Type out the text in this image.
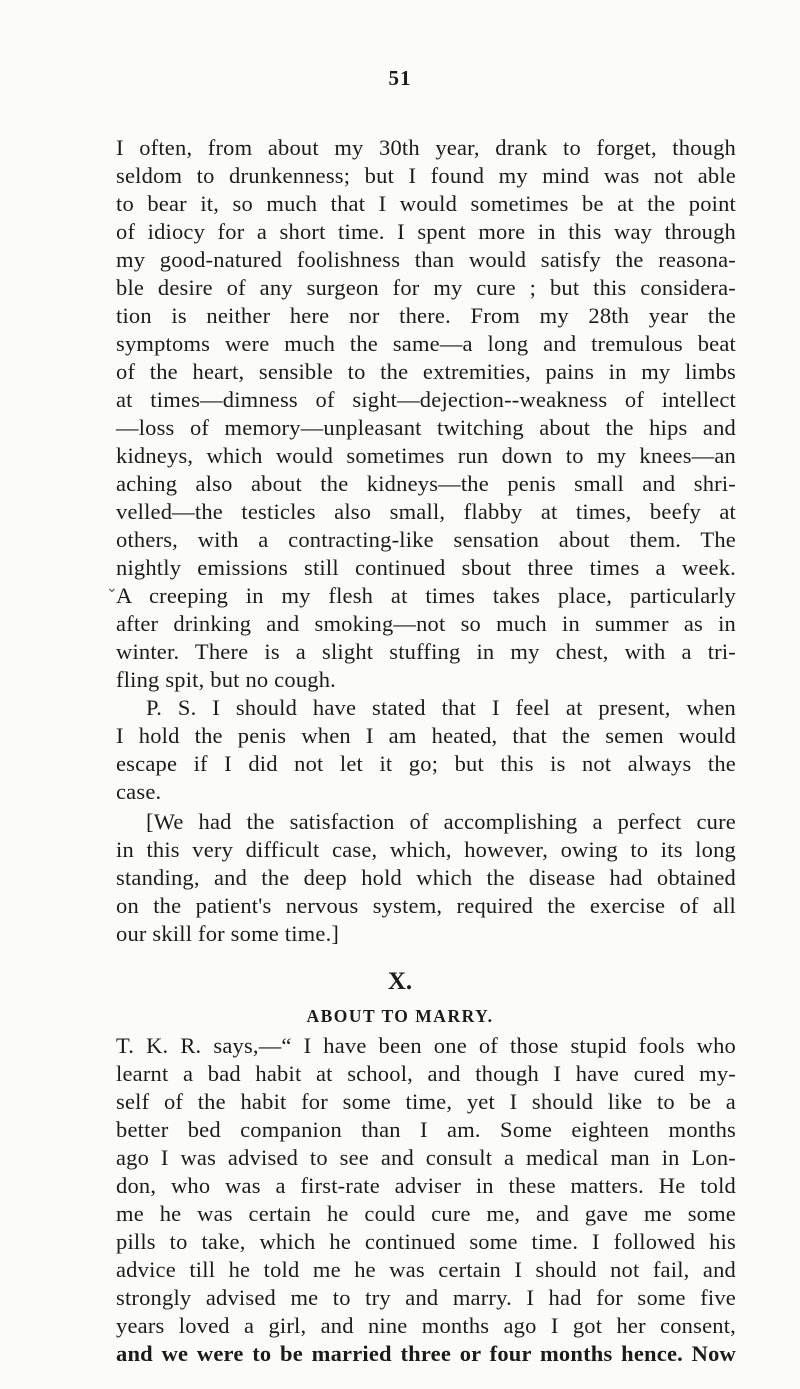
51
⌄
I often, from about my 30th year, drank to forget, though
seldom to drunkenness; but I found my mind was not able
to bear it, so much that I would sometimes be at the point
of idiocy for a short time. I spent more in this way through
my good-natured foolishness than would satisfy the reasona-
ble desire of any surgeon for my cure ; but this considera-
tion is neither here nor there. From my 28th year the
symptoms were much the same—a long and tremulous beat
of the heart, sensible to the extremities, pains in my limbs
at times—dimness of sight—dejection--weakness of intellect
—loss of memory—unpleasant twitching about the hips and
kidneys, which would sometimes run down to my knees—an
aching also about the kidneys—the penis small and shri-
velled—the testicles also small, flabby at times, beefy at
others, with a contracting-like sensation about them. The
nightly emissions still continued sbout three times a week.
A creeping in my flesh at times takes place, particularly
after drinking and smoking—not so much in summer as in
winter. There is a slight stuffing in my chest, with a tri-
fling spit, but no cough.
P. S. I should have stated that I feel at present, when
I hold the penis when I am heated, that the semen would
escape if I did not let it go; but this is not always the
case.
[We had the satisfaction of accomplishing a perfect cure
in this very difficult case, which, however, owing to its long
standing, and the deep hold which the disease had obtained
on the patient's nervous system, required the exercise of all
our skill for some time.]
X.
ABOUT TO MARRY.
T. K. R. says,—“ I have been one of those stupid fools who
learnt a bad habit at school, and though I have cured my-
self of the habit for some time, yet I should like to be a
better bed companion than I am. Some eighteen months
ago I was advised to see and consult a medical man in Lon-
don, who was a first-rate adviser in these matters. He told
me he was certain he could cure me, and gave me some
pills to take, which he continued some time. I followed his
advice till he told me he was certain I should not fail, and
strongly advised me to try and marry. I had for some five
years loved a girl, and nine months ago I got her consent,
and we were to be married three or four months hence. Now
